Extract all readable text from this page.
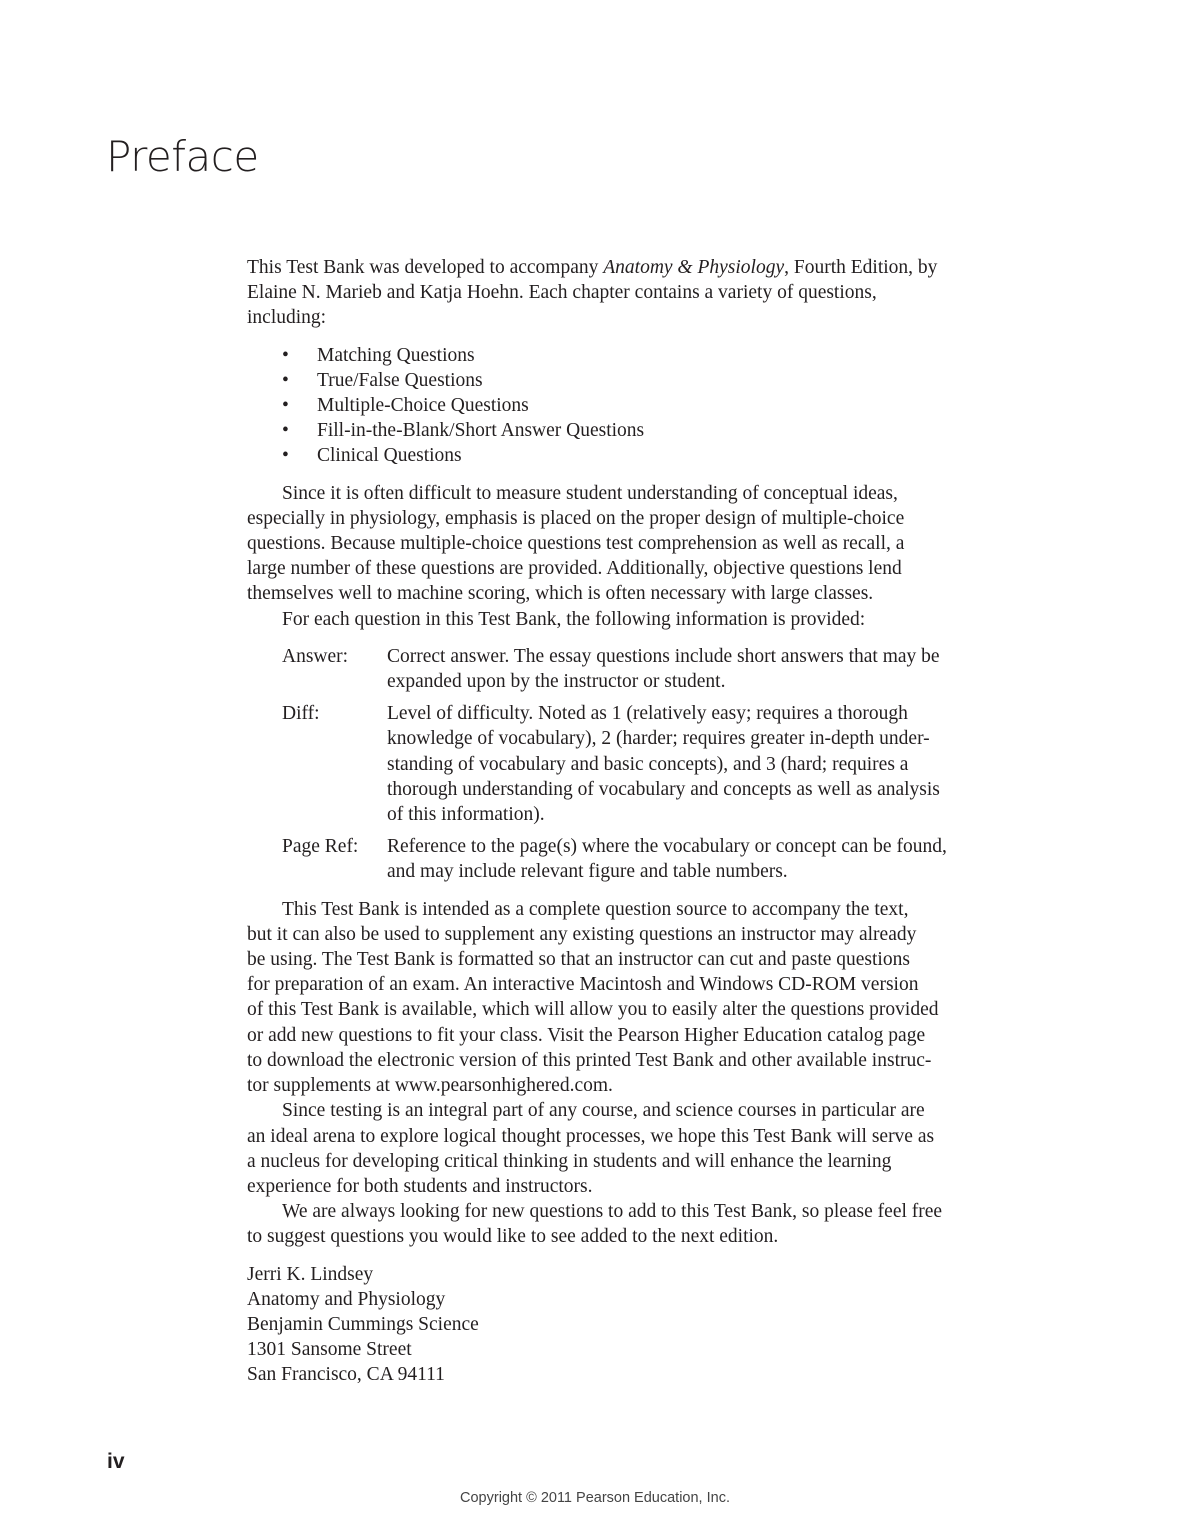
Preface
This Test Bank was developed to accompany Anatomy & Physiology, Fourth Edition, by
Elaine N. Marieb and Katja Hoehn. Each chapter contains a variety of questions,
including:
• Matching Questions
• True/False Questions
• Multiple-Choice Questions
• Fill-in-the-Blank/Short Answer Questions
• Clinical Questions
Since it is often difficult to measure student understanding of conceptual ideas,
especially in physiology, emphasis is placed on the proper design of multiple-choice
questions. Because multiple-choice questions test comprehension as well as recall, a
large number of these questions are provided. Additionally, objective questions lend
themselves well to machine scoring, which is often necessary with large classes.
For each question in this Test Bank, the following information is provided:
Answer:	Correct answer. The essay questions include short answers that may be
expanded upon by the instructor or student.
Diff:	Level of difficulty. Noted as 1 (relatively easy; requires a thorough
knowledge of vocabulary), 2 (harder; requires greater in-depth under-
standing of vocabulary and basic concepts), and 3 (hard; requires a
thorough understanding of vocabulary and concepts as well as analysis
of this information).
Page Ref:	Reference to the page(s) where the vocabulary or concept can be found,
and may include relevant figure and table numbers.
This Test Bank is intended as a complete question source to accompany the text,
but it can also be used to supplement any existing questions an instructor may already
be using. The Test Bank is formatted so that an instructor can cut and paste questions
for preparation of an exam. An interactive Macintosh and Windows CD-ROM version
of this Test Bank is available, which will allow you to easily alter the questions provided
or add new questions to fit your class. Visit the Pearson Higher Education catalog page
to download the electronic version of this printed Test Bank and other available instruc-
tor supplements at www.pearsonhighered.com.
Since testing is an integral part of any course, and science courses in particular are
an ideal arena to explore logical thought processes, we hope this Test Bank will serve as
a nucleus for developing critical thinking in students and will enhance the learning
experience for both students and instructors.
We are always looking for new questions to add to this Test Bank, so please feel free
to suggest questions you would like to see added to the next edition.
Jerri K. Lindsey
Anatomy and Physiology
Benjamin Cummings Science
1301 Sansome Street
San Francisco, CA 94111
iv
Copyright © 2011 Pearson Education, Inc.
